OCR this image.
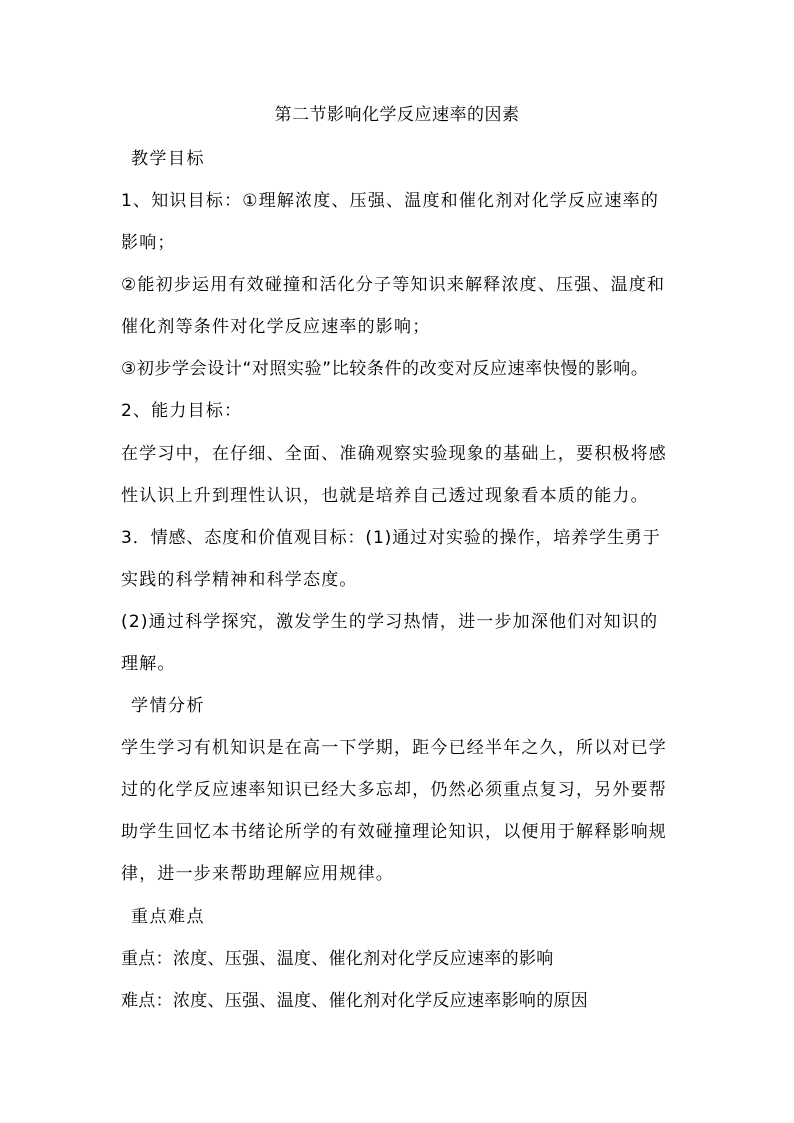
第二节影响化学反应速率的因素
教学目标
1、知识目标：①理解浓度、压强、温度和催化剂对化学反应速率的
影响；
②能初步运用有效碰撞和活化分子等知识来解释浓度、压强、温度和
催化剂等条件对化学反应速率的影响；
③初步学会设计“对照实验”比较条件的改变对反应速率快慢的影响。
2、能力目标：
在学习中，在仔细、全面、准确观察实验现象的基础上，要积极将感
性认识上升到理性认识，也就是培养自己透过现象看本质的能力。
3．情感、态度和价值观目标：(1)通过对实验的操作，培养学生勇于
实践的科学精神和科学态度。
(2)通过科学探究，激发学生的学习热情，进一步加深他们对知识的
理解。
学情分析
学生学习有机知识是在高一下学期，距今已经半年之久，所以对已学
过的化学反应速率知识已经大多忘却，仍然必须重点复习，另外要帮
助学生回忆本书绪论所学的有效碰撞理论知识，以便用于解释影响规
律，进一步来帮助理解应用规律。
重点难点
重点：浓度、压强、温度、催化剂对化学反应速率的影响
难点：浓度、压强、温度、催化剂对化学反应速率影响的原因
